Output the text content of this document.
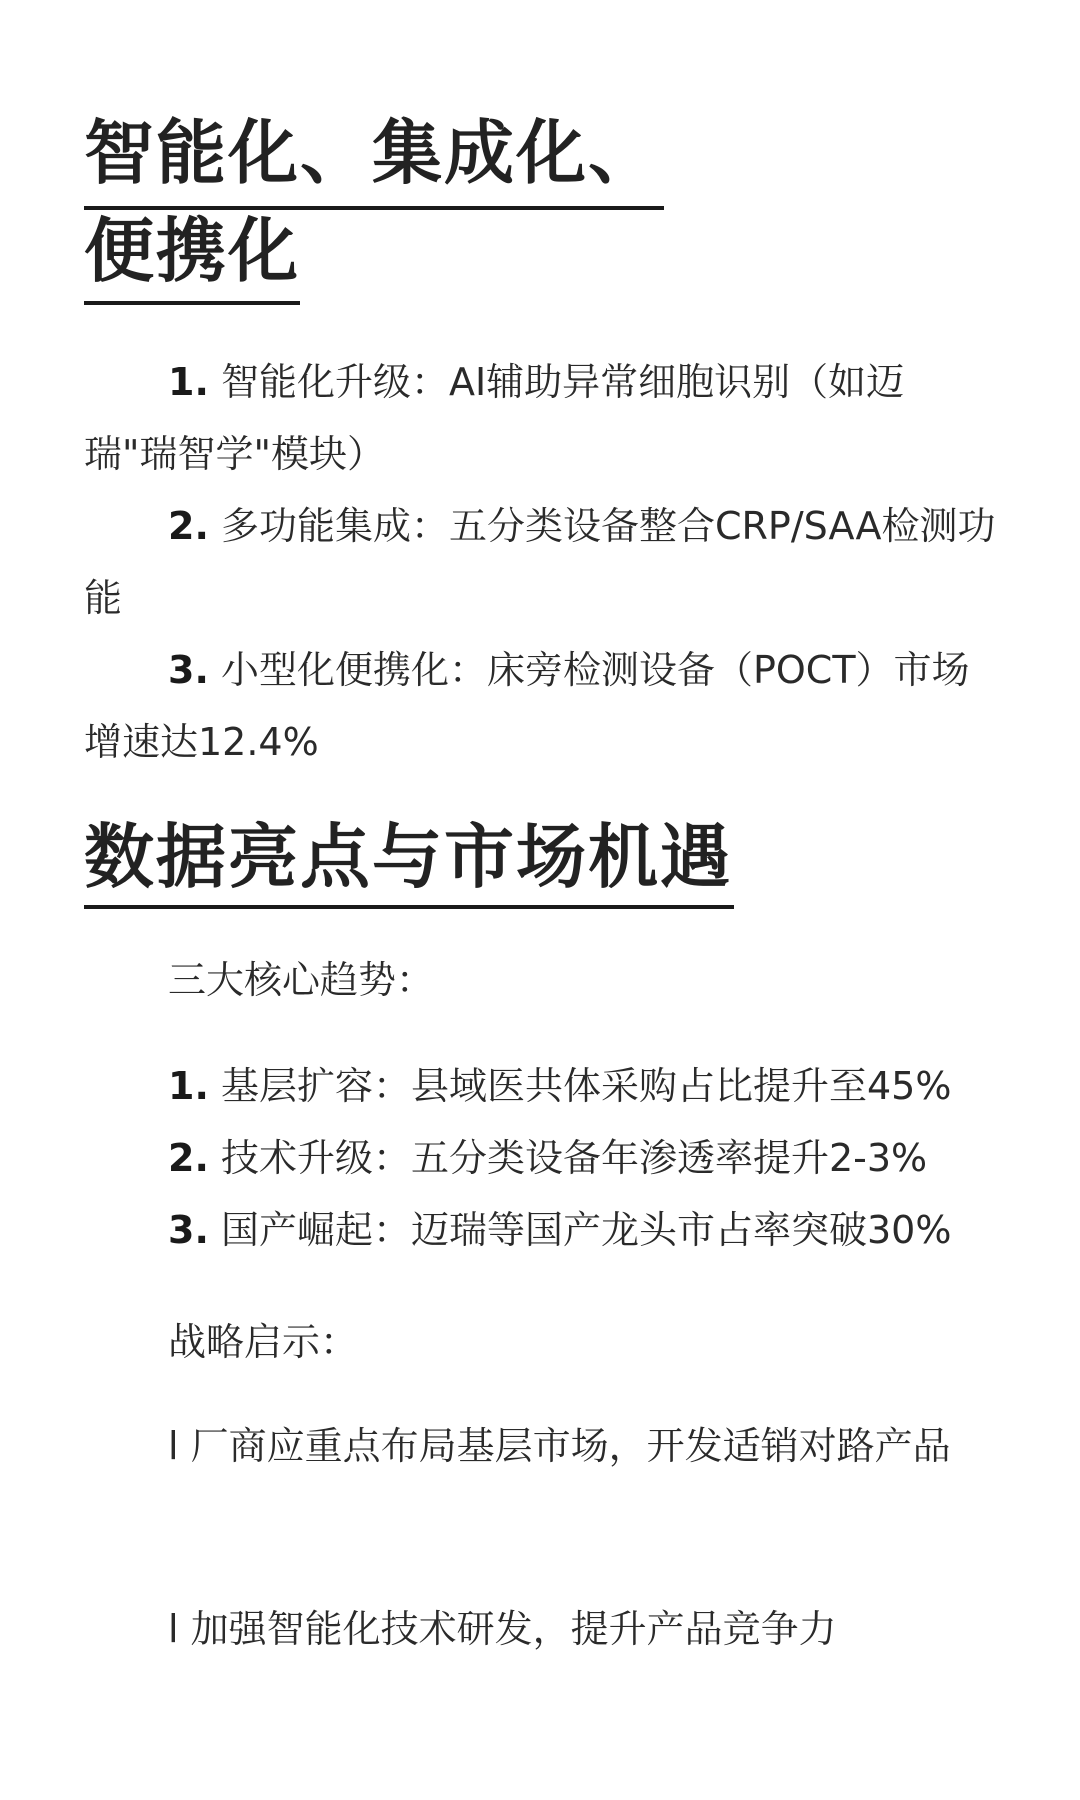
智能化、集成化、
便携化

1. 智能化升级：AI辅助异常细胞识别（如迈瑞"瑞智学"模块）

2. 多功能集成：五分类设备整合CRP/SAA检测功能

3. 小型化便携化：床旁检测设备（POCT）市场增速达12.4%

数据亮点与市场机遇

三大核心趋势：

1. 基层扩容：县域医共体采购占比提升至45%

2. 技术升级：五分类设备年渗透率提升2-3%

3. 国产崛起：迈瑞等国产龙头市占率突破30%

战略启示：

l 厂商应重点布局基层市场，开发适销对路产品

l 加强智能化技术研发，提升产品竞争力
